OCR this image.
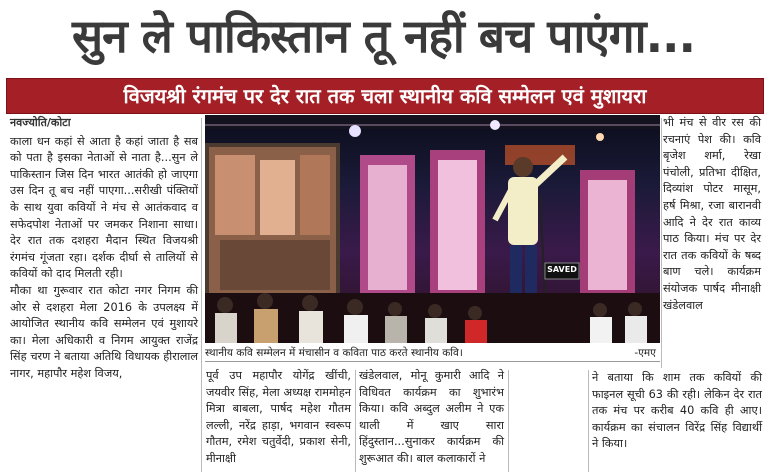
सुन ले पाकिस्तान तू नहीं बच पाएंगा...
विजयश्री रंगमंच पर देर रात तक चला स्थानीय कवि सम्मेलन एवं मुशायरा
नवज्योति/कोटा

काला धन कहां से आता है कहां जाता है सब को पता है इसका नेताओं से नाता है...सुन ले पाकिस्तान जिस दिन भारत आतंकी हो जाएगा उस दिन तू बच नहीं पाएगा...सरीखी पंक्तियों के साथ युवा कवियों ने मंच से आतंकवाद व सफेदपोश नेताओं पर जमकर निशाना साधा। देर रात तक दशहरा मैदान स्थित विजयश्री रंगमंच गूंजता रहा। दर्शक दीर्घा से तालियों से कवियों को दाद मिलती रही।

मौका था गुरूवार रात कोटा नगर निगम की ओर से दशहरा मेला 2016 के उपलक्ष्य में आयोजित स्थानीय कवि सम्मेलन एवं मुशायरे का। मेला अधिकारी व निगम आयुक्त राजेंद्र सिंह चरण ने बताया अतिथि विधायक हीरालाल नागर, महापौर महेश विजय,

SAVED
स्थानीय कवि सम्मेलन में मंचासीन व कविता पाठ करते स्थानीय कवि।	-एमए
भी मंच से वीर रस की रचनाएं पेश की। कवि बृजेश शर्मा, रेखा पंचोली, प्रतिभा दीक्षित, दिव्यांश पोटर मासूम, हर्ष मिश्रा, रजा बारानवी आदि ने देर रात काव्य पाठ किया। मंच पर देर रात तक कवियों के षब्द बाण चले। कार्यक्रम संयोजक पार्षद मीनाक्षी खंडेलवाल
पूर्व उप महापौर योगेंद्र खींची, जयवीर सिंह, मेला अध्यक्ष राममोहन मित्रा बाबला, पार्षद महेश गौतम लल्ली, नरेंद्र हाड़ा, भगवान स्वरूप गौतम, रमेश चतुर्वेदी, प्रकाश सेनी, मीनाक्षी
खंडेलवाल, मोनू कुमारी आदि ने विधिवत कार्यक्रम का शुभारंभ किया। कवि अब्दुल अलीम ने एक थाली में खाए सारा हिंदुस्तान...सुनाकर कार्यक्रम की शुरूआत की। बाल कलाकारों ने
ने बताया कि शाम तक कवियों की फाइनल सूची 63 की रही। लेकिन देर रात तक मंच पर करीब 40 कवि ही आए। कार्यक्रम का संचालन विरेंद्र सिंह विद्यार्थी ने किया।
